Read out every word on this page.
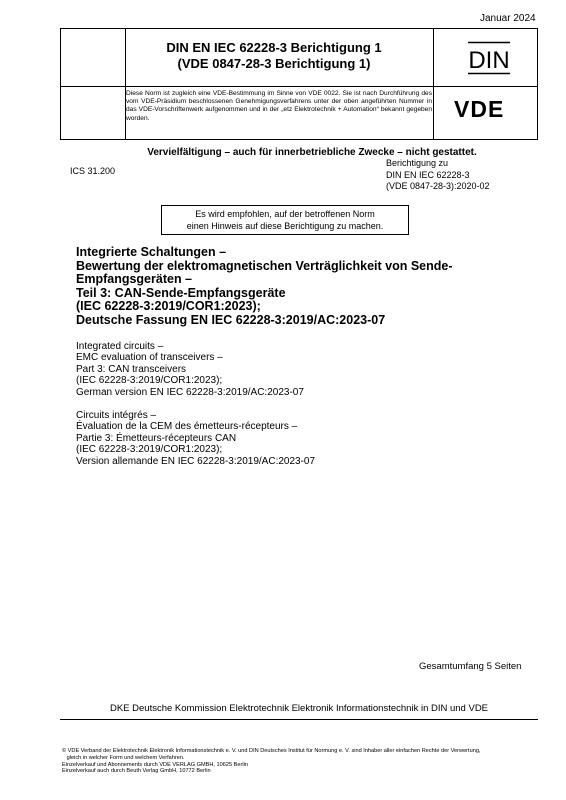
Januar 2024
DIN EN IEC 62228-3 Berichtigung 1
(VDE 0847-28-3 Berichtigung 1)	DIN
Diese Norm ist zugleich eine VDE-Bestimmung im Sinne von VDE 0022. Sie ist nach Durchführung des vom VDE-Präsidium beschlossenen Genehmigungsverfahrens unter der oben angeführten Nummer in das VDE-Vorschriftenwerk aufgenommen und in der „etz Elektrotechnik + Automation“ bekannt gegeben worden.	VDE
Vervielfältigung – auch für innerbetriebliche Zwecke – nicht gestattet.
ICS 31.200
Berichtigung zu
DIN EN IEC 62228-3
(VDE 0847-28-3):2020-02
Es wird empfohlen, auf der betroffenen Norm
einen Hinweis auf diese Berichtigung zu machen.
Integrierte Schaltungen –
Bewertung der elektromagnetischen Verträglichkeit von Sende-
Empfangsgeräten –
Teil 3: CAN-Sende-Empfangsgeräte
(IEC 62228-3:2019/COR1:2023);
Deutsche Fassung EN IEC 62228-3:2019/AC:2023-07
Integrated circuits –
EMC evaluation of transceivers –
Part 3: CAN transceivers
(IEC 62228-3:2019/COR1:2023);
German version EN IEC 62228-3:2019/AC:2023-07
Circuits intégrés –
Évaluation de la CEM des émetteurs-récepteurs –
Partie 3: Émetteurs-récepteurs CAN
(IEC 62228-3:2019/COR1:2023);
Version allemande EN IEC 62228-3:2019/AC:2023-07
Gesamtumfang 5 Seiten
DKE Deutsche Kommission Elektrotechnik Elektronik Informationstechnik in DIN und VDE
© VDE Verband der Elektrotechnik Elektronik Informationstechnik e. V. und DIN Deutsches Institut für Normung e. V. sind Inhaber aller einfachen Rechte der Verwertung,
gleich in welcher Form und welchem Verfahren.
Einzelverkauf und Abonnements durch VDE VERLAG GMBH, 10625 Berlin
Einzelverkauf auch durch Beuth Verlag GmbH, 10772 Berlin
